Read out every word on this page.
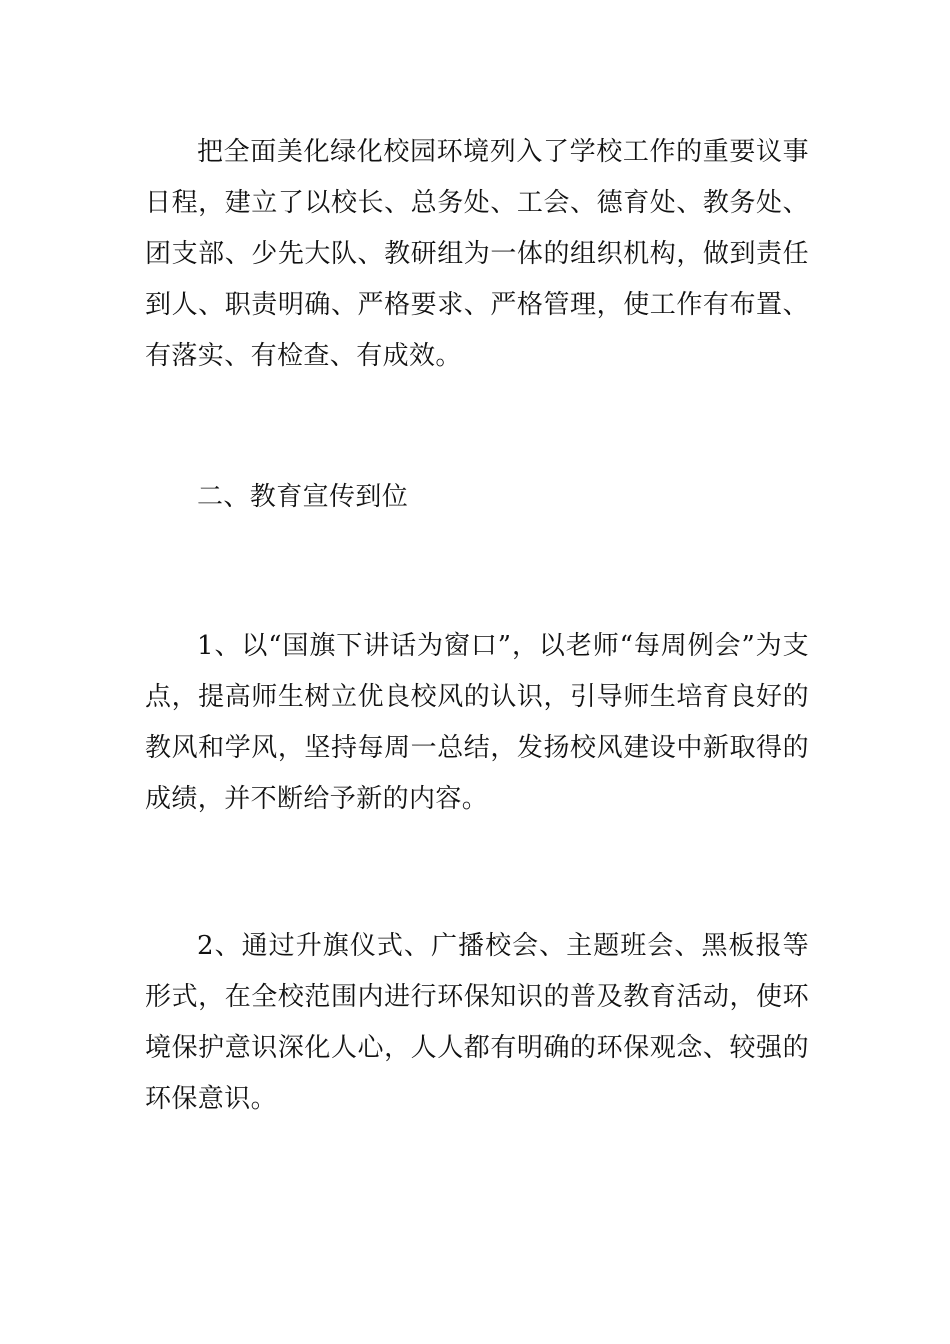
把全面美化绿化校园环境列入了学校工作的重要议事日程，建立了以校长、总务处、工会、德育处、教务处、团支部、少先大队、教研组为一体的组织机构，做到责任到人、职责明确、严格要求、严格管理，使工作有布置、有落实、有检查、有成效。

二、教育宣传到位

1、以“国旗下讲话为窗口”，以老师“每周例会”为支点，提高师生树立优良校风的认识，引导师生培育良好的教风和学风，坚持每周一总结，发扬校风建设中新取得的成绩，并不断给予新的内容。

2、通过升旗仪式、广播校会、主题班会、黑板报等形式，在全校范围内进行环保知识的普及教育活动，使环境保护意识深化人心，人人都有明确的环保观念、较强的环保意识。
